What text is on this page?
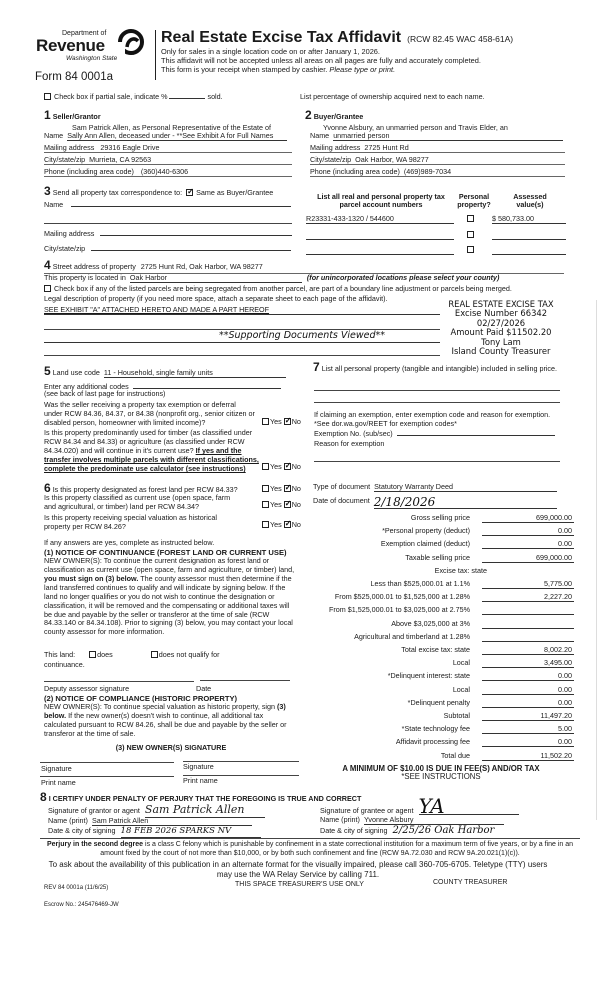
Department of
Revenue
Washington State
Form 84 0001a
Real Estate Excise Tax Affidavit (RCW 82.45 WAC 458-61A)
Only for sales in a single location code on or after January 1, 2026.
This affidavit will not be accepted unless all areas on all pages are fully and accurately completed.
This form is your receipt when stamped by cashier. Please type or print.
Check box if partial sale, indicate %	sold.	List percentage of ownership acquired next to each name.
1 Seller/Grantor
Sam Patrick Allen, as Personal Representative of the Estate of
Name Sally Ann Allen, deceased under - **See Exhibit A for Full Names
Mailing address 29316 Eagle Drive
City/state/zip Murrieta, CA 92563
Phone (including area code) (360)440-6306
2 Buyer/Grantee
Yvonne Alsbury, an unmarried person and Travis Elder, an
Name unmarried person
Mailing address 2725 Hunt Rd
City/state/zip Oak Harbor, WA 98277
Phone (including area code) (469)989-7034
3 Send all property tax correspondence to: ✓ Same as Buyer/Grantee
Name
Mailing address
City/state/zip
List all real and personal property tax parcel account numbers
Personal property?
Assessed value(s)
R23331-433-1320 / 544600	$ 580,733.00
4 Street address of property 2725 Hunt Rd, Oak Harbor, WA 98277
This property is located in Oak Harbor	(for unincorporated locations please select your county)
Check box if any of the listed parcels are being segregated from another parcel, are part of a boundary line adjustment or parcels being merged.
Legal description of property (if you need more space, attach a separate sheet to each page of the affidavit).
SEE EXHIBIT "A" ATTACHED HERETO AND MADE A PART HEREOF
**Supporting Documents Viewed**
REAL ESTATE EXCISE TAX
Excise Number 66342
02/27/2026
Amount Paid $11502.20
Tony Lam
Island County Treasurer
5 Land use code 11 - Household, single family units
Enter any additional codes
(see back of last page for instructions)
Was the seller receiving a property tax exemption or deferral under RCW 84.36, 84.37, or 84.38 (nonprofit org., senior citizen or disabled person, homeowner with limited income)?	Yes ✓ No
Is this property predominantly used for timber (as classified under RCW 84.34 and 84.33) or agriculture (as classified under RCW 84.34.020) and will continue in it's current use? If yes and the transfer involves multiple parcels with different classifications, complete the predominate use calculator (see instructions)	Yes ✓ No
7 List all personal property (tangible and intangible) included in selling price.
If claiming an exemption, enter exemption code and reason for exemption. *See dor.wa.gov/REET for exemption codes*
Exemption No. (sub/sec)
Reason for exemption
6 Is this property designated as forest land per RCW 84.33?	Yes ✓ No
Is this property classified as current use (open space, farm and agricultural, or timber) land per RCW 84.34?	Yes ✓ No
Is this property receiving special valuation as historical property per RCW 84.26?	Yes ✓ No
If any answers are yes, complete as instructed below.
(1) NOTICE OF CONTINUANCE (FOREST LAND OR CURRENT USE)
NEW OWNER(S): To continue the current designation as forest land or classification as current use (open space, farm and agriculture, or timber) land, you must sign on (3) below. The county assessor must then determine if the land transferred continues to qualify and will indicate by signing below. If the land no longer qualifies or you do not wish to continue the designation or classification, it will be removed and the compensating or additional taxes will be due and payable by the seller or transferor at the time of sale (RCW 84.33.140 or 84.34.108). Prior to signing (3) below, you may contact your local county assessor for more information.
This land:	does	does not qualify for
continuance.
Deputy assessor signature	Date
(2) NOTICE OF COMPLIANCE (HISTORIC PROPERTY)
NEW OWNER(S): To continue special valuation as historic property, sign (3) below. If the new owner(s) doesn't wish to continue, all additional tax calculated pursuant to RCW 84.26, shall be due and payable by the seller or transferor at the time of sale.
(3) NEW OWNER(S) SIGNATURE
Signature	Signature
Print name	Print name
Type of document Statutory Warranty Deed
Date of document 2/18/2026
Gross selling price	699,000.00
*Personal property (deduct)	0.00
Exemption claimed (deduct)	0.00
Taxable selling price	699,000.00
Excise tax: state
Less than $525,000.01 at 1.1%	5,775.00
From $525,000.01 to $1,525,000 at 1.28%	2,227.20
From $1,525,000.01 to $3,025,000 at 2.75%
Above $3,025,000 at 3%
Agricultural and timberland at 1.28%
Total excise tax: state	8,002.20
Local	3,495.00
*Delinquent interest: state	0.00
Local	0.00
*Delinquent penalty	0.00
Subtotal	11,497.20
*State technology fee	5.00
Affidavit processing fee	0.00
Total due	11,502.20
A MINIMUM OF $10.00 IS DUE IN FEE(S) AND/OR TAX
*SEE INSTRUCTIONS
8 I CERTIFY UNDER PENALTY OF PERJURY THAT THE FOREGOING IS TRUE AND CORRECT
Signature of grantor or agent Sam Patrick Allen
Name (print) Sam Patrick Allen
Date & city of signing 18 FEB 2026 SPARKS NV
Signature of grantee or agent YA
Name (print) Yvonne Alsbury
Date & city of signing 2/25/26 Oak Harbor
Perjury in the second degree is a class C felony which is punishable by confinement in a state correctional institution for a maximum term of five years, or by a fine in an amount fixed by the court of not more than $10,000, or by both such confinement and fine (RCW 9A.72.030 and RCW 9A.20.021(1)(c)).
To ask about the availability of this publication in an alternate format for the visually impaired, please call 360-705-6705. Teletype (TTY) users may use the WA Relay Service by calling 711.
REV 84 0001a (11/6/25)	THIS SPACE TREASURER'S USE ONLY	COUNTY TREASURER
Escrow No.: 245476469-JW
